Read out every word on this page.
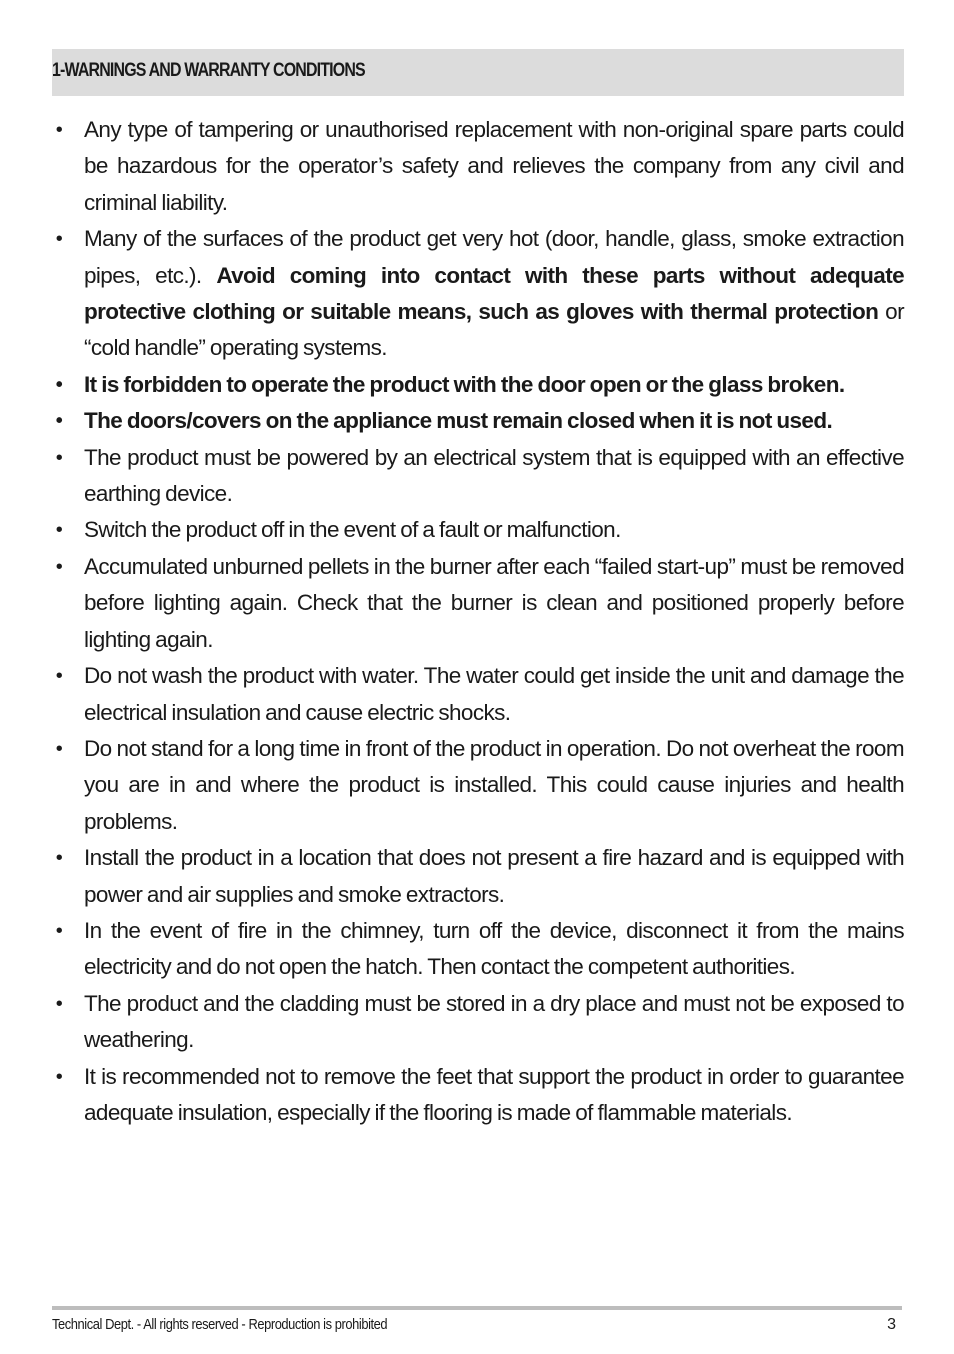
1-WARNINGS AND WARRANTY CONDITIONS
• Any type of tampering or unauthorised replacement with non-original spare parts could be hazardous for the operator’s safety and relieves the company from any civil and criminal liability.
• Many of the surfaces of the product get very hot (door, handle, glass, smoke extraction pipes, etc.). Avoid coming into contact with these parts without adequate protective clothing or suitable means, such as gloves with thermal protection or “cold handle” operating systems.
• It is forbidden to operate the product with the door open or the glass broken.
• The doors/covers on the appliance must remain closed when it is not used.
• The product must be powered by an electrical system that is equipped with an effective earthing device.
• Switch the product off in the event of a fault or malfunction.
• Accumulated unburned pellets in the burner after each “failed start-up” must be removed before lighting again. Check that the burner is clean and positioned properly before lighting again.
• Do not wash the product with water. The water could get inside the unit and damage the electrical insulation and cause electric shocks.
• Do not stand for a long time in front of the product in operation. Do not overheat the room you are in and where the product is installed. This could cause injuries and health problems.
• Install the product in a location that does not present a fire hazard and is equipped with power and air supplies and smoke extractors.
• In the event of fire in the chimney, turn off the device, disconnect it from the mains electricity and do not open the hatch. Then contact the competent authorities.
• The product and the cladding must be stored in a dry place and must not be exposed to weathering.
• It is recommended not to remove the feet that support the product in order to guarantee adequate insulation, especially if the flooring is made of flammable materials.
Technical Dept. - All rights reserved - Reproduction is prohibited	3
